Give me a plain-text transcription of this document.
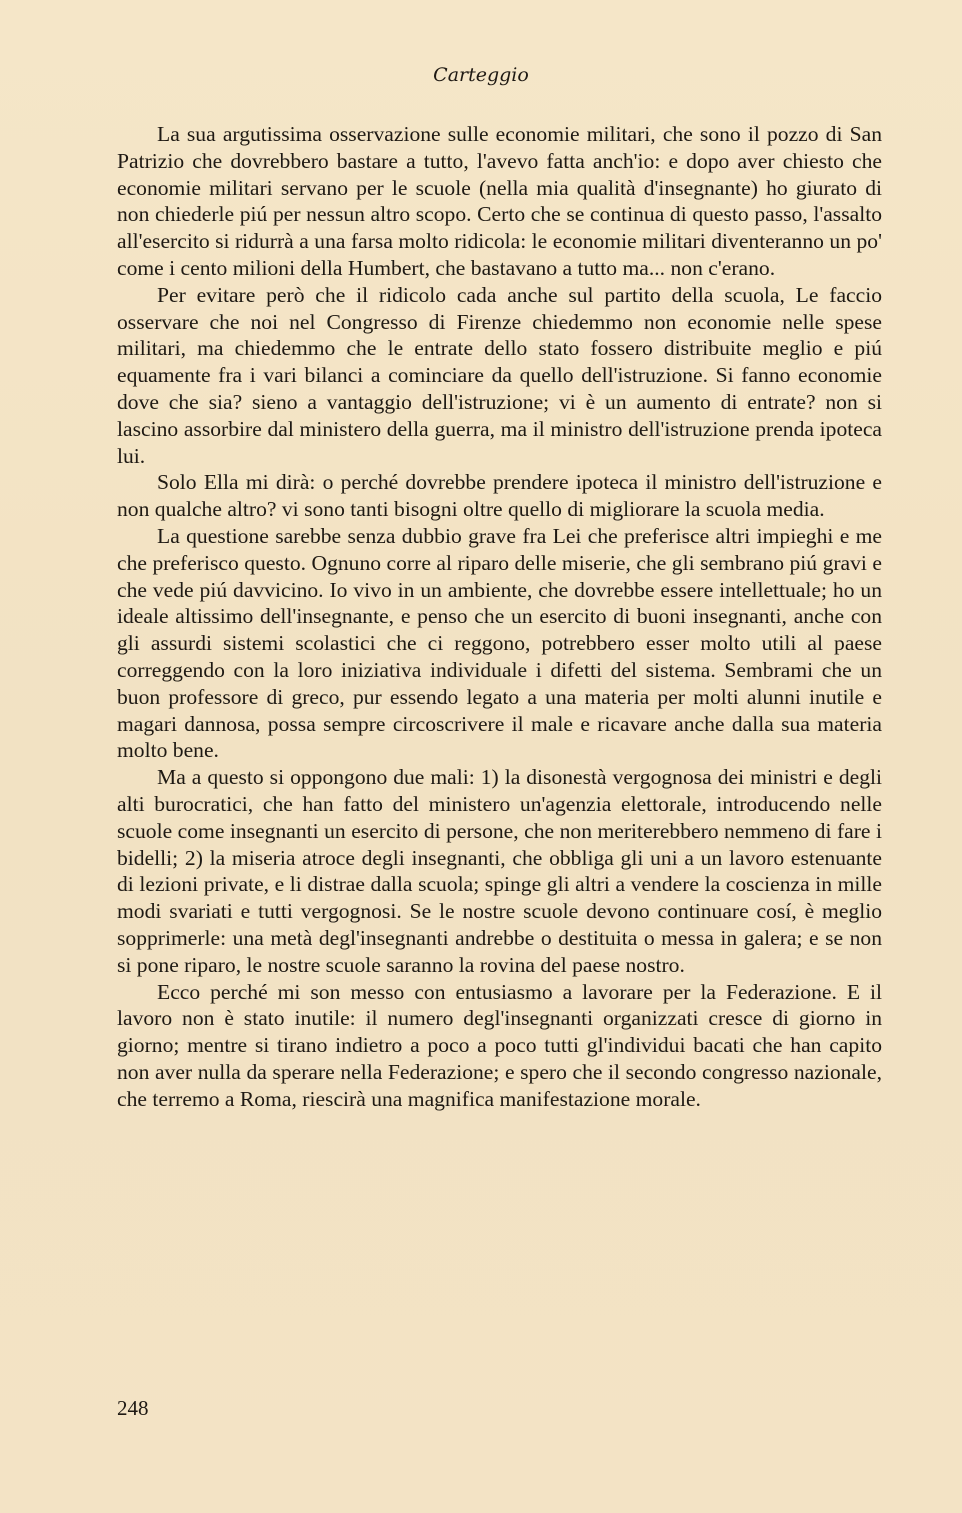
Carteggio

La sua argutissima osservazione sulle economie militari, che sono il pozzo di San Patrizio che dovrebbero bastare a tutto, l'avevo fatta anch'io: e dopo aver chiesto che economie militari servano per le scuole (nella mia qualità d'insegnante) ho giurato di non chiederle piú per nessun altro scopo. Certo che se continua di questo passo, l'assalto all'esercito si ridurrà a una farsa molto ridicola: le economie militari diventeranno un po' come i cento milioni della Humbert, che bastavano a tutto ma... non c'erano.

Per evitare però che il ridicolo cada anche sul partito della scuola, Le faccio osservare che noi nel Congresso di Firenze chiedemmo non economie nelle spese militari, ma chiedemmo che le entrate dello stato fossero distribuite meglio e piú equamente fra i vari bilanci a cominciare da quello dell'istruzione. Si fanno economie dove che sia? sieno a vantaggio dell'istruzione; vi è un aumento di entrate? non si lascino assorbire dal ministero della guerra, ma il ministro dell'istruzione prenda ipoteca lui.

Solo Ella mi dirà: o perché dovrebbe prendere ipoteca il ministro dell'istruzione e non qualche altro? vi sono tanti bisogni oltre quello di migliorare la scuola media.

La questione sarebbe senza dubbio grave fra Lei che preferisce altri impieghi e me che preferisco questo. Ognuno corre al riparo delle miserie, che gli sembrano piú gravi e che vede piú davvicino. Io vivo in un ambiente, che dovrebbe essere intellettuale; ho un ideale altissimo dell'insegnante, e penso che un esercito di buoni insegnanti, anche con gli assurdi sistemi scolastici che ci reggono, potrebbero esser molto utili al paese correggendo con la loro iniziativa individuale i difetti del sistema. Sembrami che un buon professore di greco, pur essendo legato a una materia per molti alunni inutile e magari dannosa, possa sempre circoscrivere il male e ricavare anche dalla sua materia molto bene.

Ma a questo si oppongono due mali: 1) la disonestà vergognosa dei ministri e degli alti burocratici, che han fatto del ministero un'agenzia elettorale, introducendo nelle scuole come insegnanti un esercito di persone, che non meriterebbero nemmeno di fare i bidelli; 2) la miseria atroce degli insegnanti, che obbliga gli uni a un lavoro estenuante di lezioni private, e li distrae dalla scuola; spinge gli altri a vendere la coscienza in mille modi svariati e tutti vergognosi. Se le nostre scuole devono continuare cosí, è meglio sopprimerle: una metà degl'insegnanti andrebbe o destituita o messa in galera; e se non si pone riparo, le nostre scuole saranno la rovina del paese nostro.

Ecco perché mi son messo con entusiasmo a lavorare per la Federazione. E il lavoro non è stato inutile: il numero degl'insegnanti organizzati cresce di giorno in giorno; mentre si tirano indietro a poco a poco tutti gl'individui bacati che han capito non aver nulla da sperare nella Federazione; e spero che il secondo congresso nazionale, che terremo a Roma, riescirà una magnifica manifestazione morale.

248
